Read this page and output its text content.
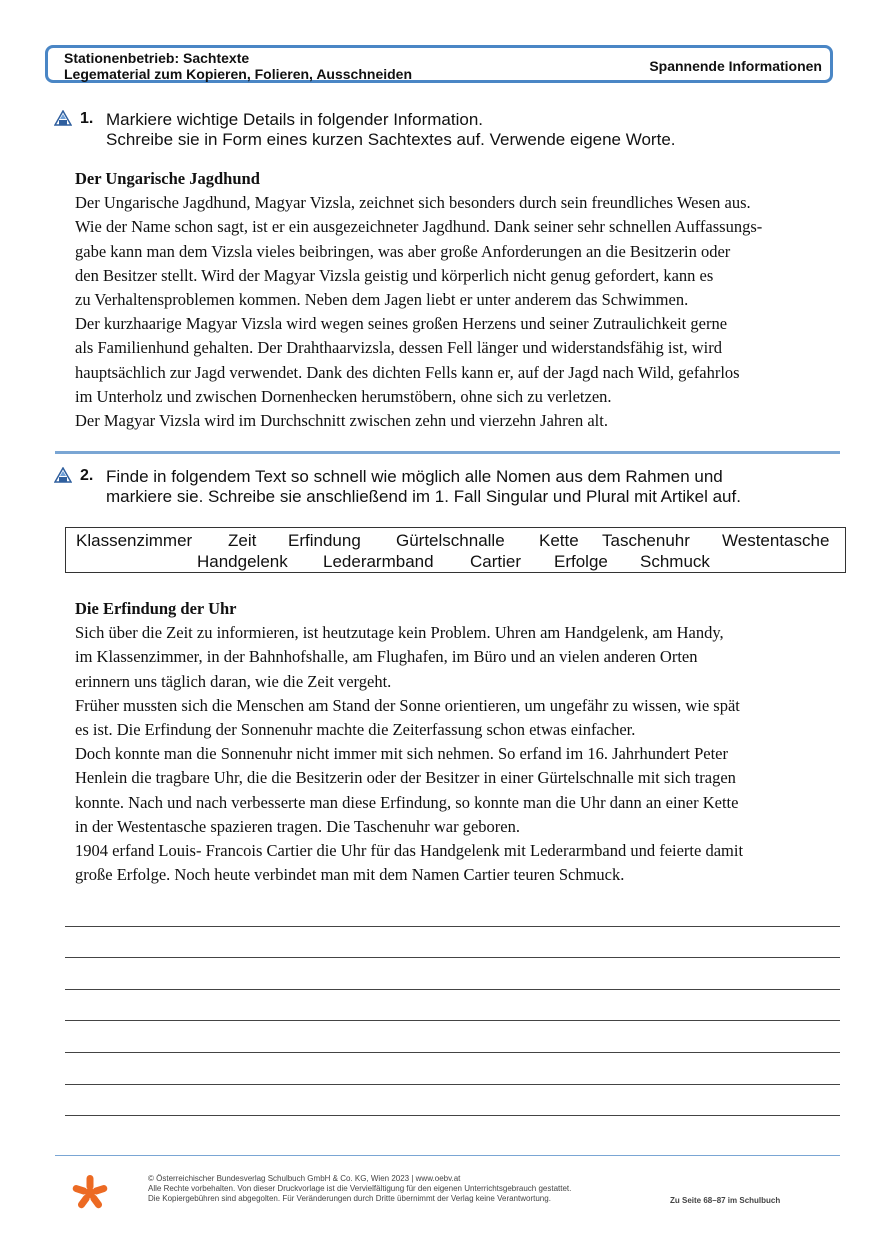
Stationenbetrieb: Sachtexte
Legematerial zum Kopieren, Folieren, Ausschneiden	Spannende Informationen
1. Markiere wichtige Details in folgender Information.
Schreibe sie in Form eines kurzen Sachtextes auf. Verwende eigene Worte.
Der Ungarische Jagdhund
Der Ungarische Jagdhund, Magyar Vizsla, zeichnet sich besonders durch sein freundliches Wesen aus.
Wie der Name schon sagt, ist er ein ausgezeichneter Jagdhund. Dank seiner sehr schnellen Auffassungs-
gabe kann man dem Vizsla vieles beibringen, was aber große Anforderungen an die Besitzerin oder
den Besitzer stellt. Wird der Magyar Vizsla geistig und körperlich nicht genug gefordert, kann es
zu Verhaltensproblemen kommen. Neben dem Jagen liebt er unter anderem das Schwimmen.
Der kurzhaarige Magyar Vizsla wird wegen seines großen Herzens und seiner Zutraulichkeit gerne
als Familienhund gehalten. Der Drahthaarvizsla, dessen Fell länger und widerstandsfähig ist, wird
hauptsächlich zur Jagd verwendet. Dank des dichten Fells kann er, auf der Jagd nach Wild, gefahrlos
im Unterholz und zwischen Dornenhecken herumstöbern, ohne sich zu verletzen.
Der Magyar Vizsla wird im Durchschnitt zwischen zehn und vierzehn Jahren alt.
2. Finde in folgendem Text so schnell wie möglich alle Nomen aus dem Rahmen und
markiere sie. Schreibe sie anschließend im 1. Fall Singular und Plural mit Artikel auf.
Klassenzimmer Zeit Erfindung Gürtelschnalle Kette Taschenuhr Westentasche
Handgelenk Lederarmband Cartier Erfolge Schmuck
Die Erfindung der Uhr
Sich über die Zeit zu informieren, ist heutzutage kein Problem. Uhren am Handgelenk, am Handy,
im Klassenzimmer, in der Bahnhofshalle, am Flughafen, im Büro und an vielen anderen Orten
erinnern uns täglich daran, wie die Zeit vergeht.
Früher mussten sich die Menschen am Stand der Sonne orientieren, um ungefähr zu wissen, wie spät
es ist. Die Erfindung der Sonnenuhr machte die Zeiterfassung schon etwas einfacher.
Doch konnte man die Sonnenuhr nicht immer mit sich nehmen. So erfand im 16. Jahrhundert Peter
Henlein die tragbare Uhr, die die Besitzerin oder der Besitzer in einer Gürtelschnalle mit sich tragen
konnte. Nach und nach verbesserte man diese Erfindung, so konnte man die Uhr dann an einer Kette
in der Westentasche spazieren tragen. Die Taschenuhr war geboren.
1904 erfand Louis- Francois Cartier die Uhr für das Handgelenk mit Lederarmband und feierte damit
große Erfolge. Noch heute verbindet man mit dem Namen Cartier teuren Schmuck.
© Österreichischer Bundesverlag Schulbuch GmbH & Co. KG, Wien 2023 | www.oebv.at
Alle Rechte vorbehalten. Von dieser Druckvorlage ist die Vervielfältigung für den eigenen Unterrichtsgebrauch gestattet.
Die Kopiergebühren sind abgegolten. Für Veränderungen durch Dritte übernimmt der Verlag keine Verantwortung.	Zu Seite 68–87 im Schulbuch
